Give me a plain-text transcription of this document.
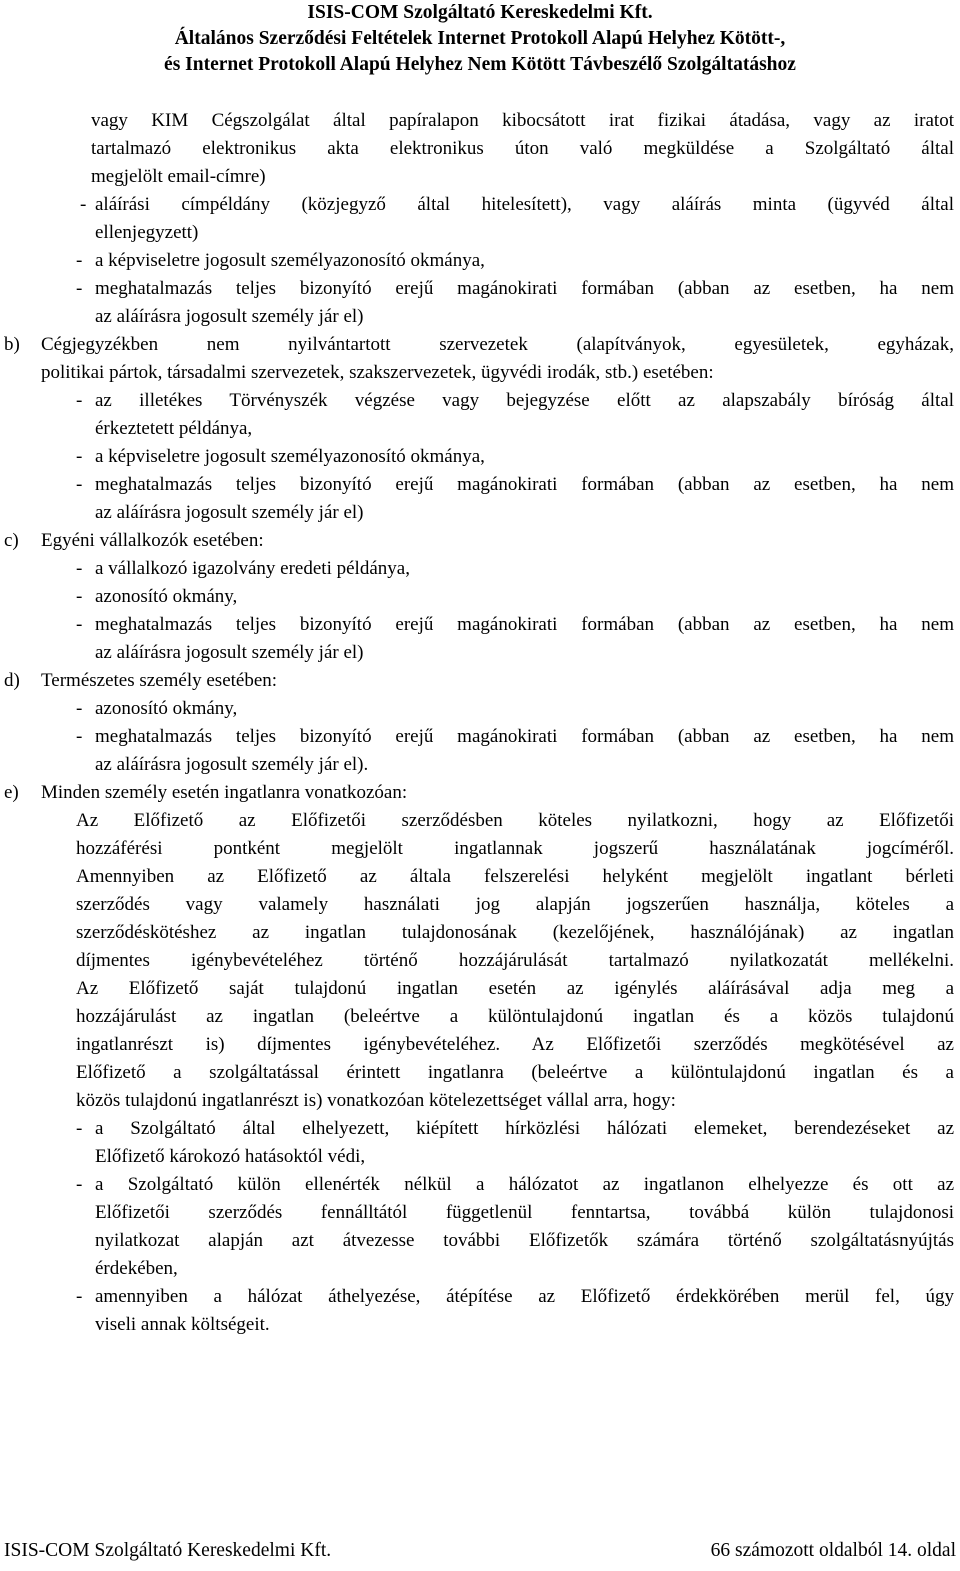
ISIS-COM Szolgáltató Kereskedelmi Kft.
Általános Szerződési Feltételek Internet Protokoll Alapú Helyhez Kötött-,
és Internet Protokoll Alapú Helyhez Nem Kötött Távbeszélő Szolgáltatáshoz
vagy KIM Cégszolgálat által papíralapon kibocsátott irat fizikai átadása, vagy az iratot
tartalmazó elektronikus akta elektronikus úton való megküldése a Szolgáltató által
megjelölt email-címre)
- aláírási címpéldány (közjegyző által hitelesített), vagy aláírás minta (ügyvéd által
ellenjegyzett)
- a képviseletre jogosult személyazonosító okmánya,
- meghatalmazás teljes bizonyító erejű magánokirati formában (abban az esetben, ha nem
az aláírásra jogosult személy jár el)
b) Cégjegyzékben nem nyilvántartott szervezetek (alapítványok, egyesületek, egyházak,
politikai pártok, társadalmi szervezetek, szakszervezetek, ügyvédi irodák, stb.) esetében:
- az illetékes Törvényszék végzése vagy bejegyzése előtt az alapszabály bíróság által
érkeztetett példánya,
- a képviseletre jogosult személyazonosító okmánya,
- meghatalmazás teljes bizonyító erejű magánokirati formában (abban az esetben, ha nem
az aláírásra jogosult személy jár el)
c) Egyéni vállalkozók esetében:
- a vállalkozó igazolvány eredeti példánya,
- azonosító okmány,
- meghatalmazás teljes bizonyító erejű magánokirati formában (abban az esetben, ha nem
az aláírásra jogosult személy jár el)
d) Természetes személy esetében:
- azonosító okmány,
- meghatalmazás teljes bizonyító erejű magánokirati formában (abban az esetben, ha nem
az aláírásra jogosult személy jár el).
e) Minden személy esetén ingatlanra vonatkozóan:
Az Előfizető az Előfizetői szerződésben köteles nyilatkozni, hogy az Előfizetői
hozzáférési pontként megjelölt ingatlannak jogszerű használatának jogcíméről.
Amennyiben az Előfizető az általa felszerelési helyként megjelölt ingatlant bérleti
szerződés vagy valamely használati jog alapján jogszerűen használja, köteles a
szerződéskötéshez az ingatlan tulajdonosának (kezelőjének, használójának) az ingatlan
díjmentes igénybevételéhez történő hozzájárulását tartalmazó nyilatkozatát mellékelni.
Az Előfizető saját tulajdonú ingatlan esetén az igénylés aláírásával adja meg a
hozzájárulást az ingatlan (beleértve a különtulajdonú ingatlan és a közös tulajdonú
ingatlanrészt is) díjmentes igénybevételéhez. Az Előfizetői szerződés megkötésével az
Előfizető a szolgáltatással érintett ingatlanra (beleértve a különtulajdonú ingatlan és a
közös tulajdonú ingatlanrészt is) vonatkozóan kötelezettséget vállal arra, hogy:
- a Szolgáltató által elhelyezett, kiépített hírközlési hálózati elemeket, berendezéseket az
Előfizető károkozó hatásoktól védi,
- a Szolgáltató külön ellenérték nélkül a hálózatot az ingatlanon elhelyezze és ott az
Előfizetői szerződés fennálltától függetlenül fenntartsa, továbbá külön tulajdonosi
nyilatkozat alapján azt átvezesse további Előfizetők számára történő szolgáltatásnyújtás
érdekében,
- amennyiben a hálózat áthelyezése, átépítése az Előfizető érdekkörében merül fel, úgy
viseli annak költségeit.
ISIS-COM Szolgáltató Kereskedelmi Kft.	66 számozott oldalból 14. oldal
